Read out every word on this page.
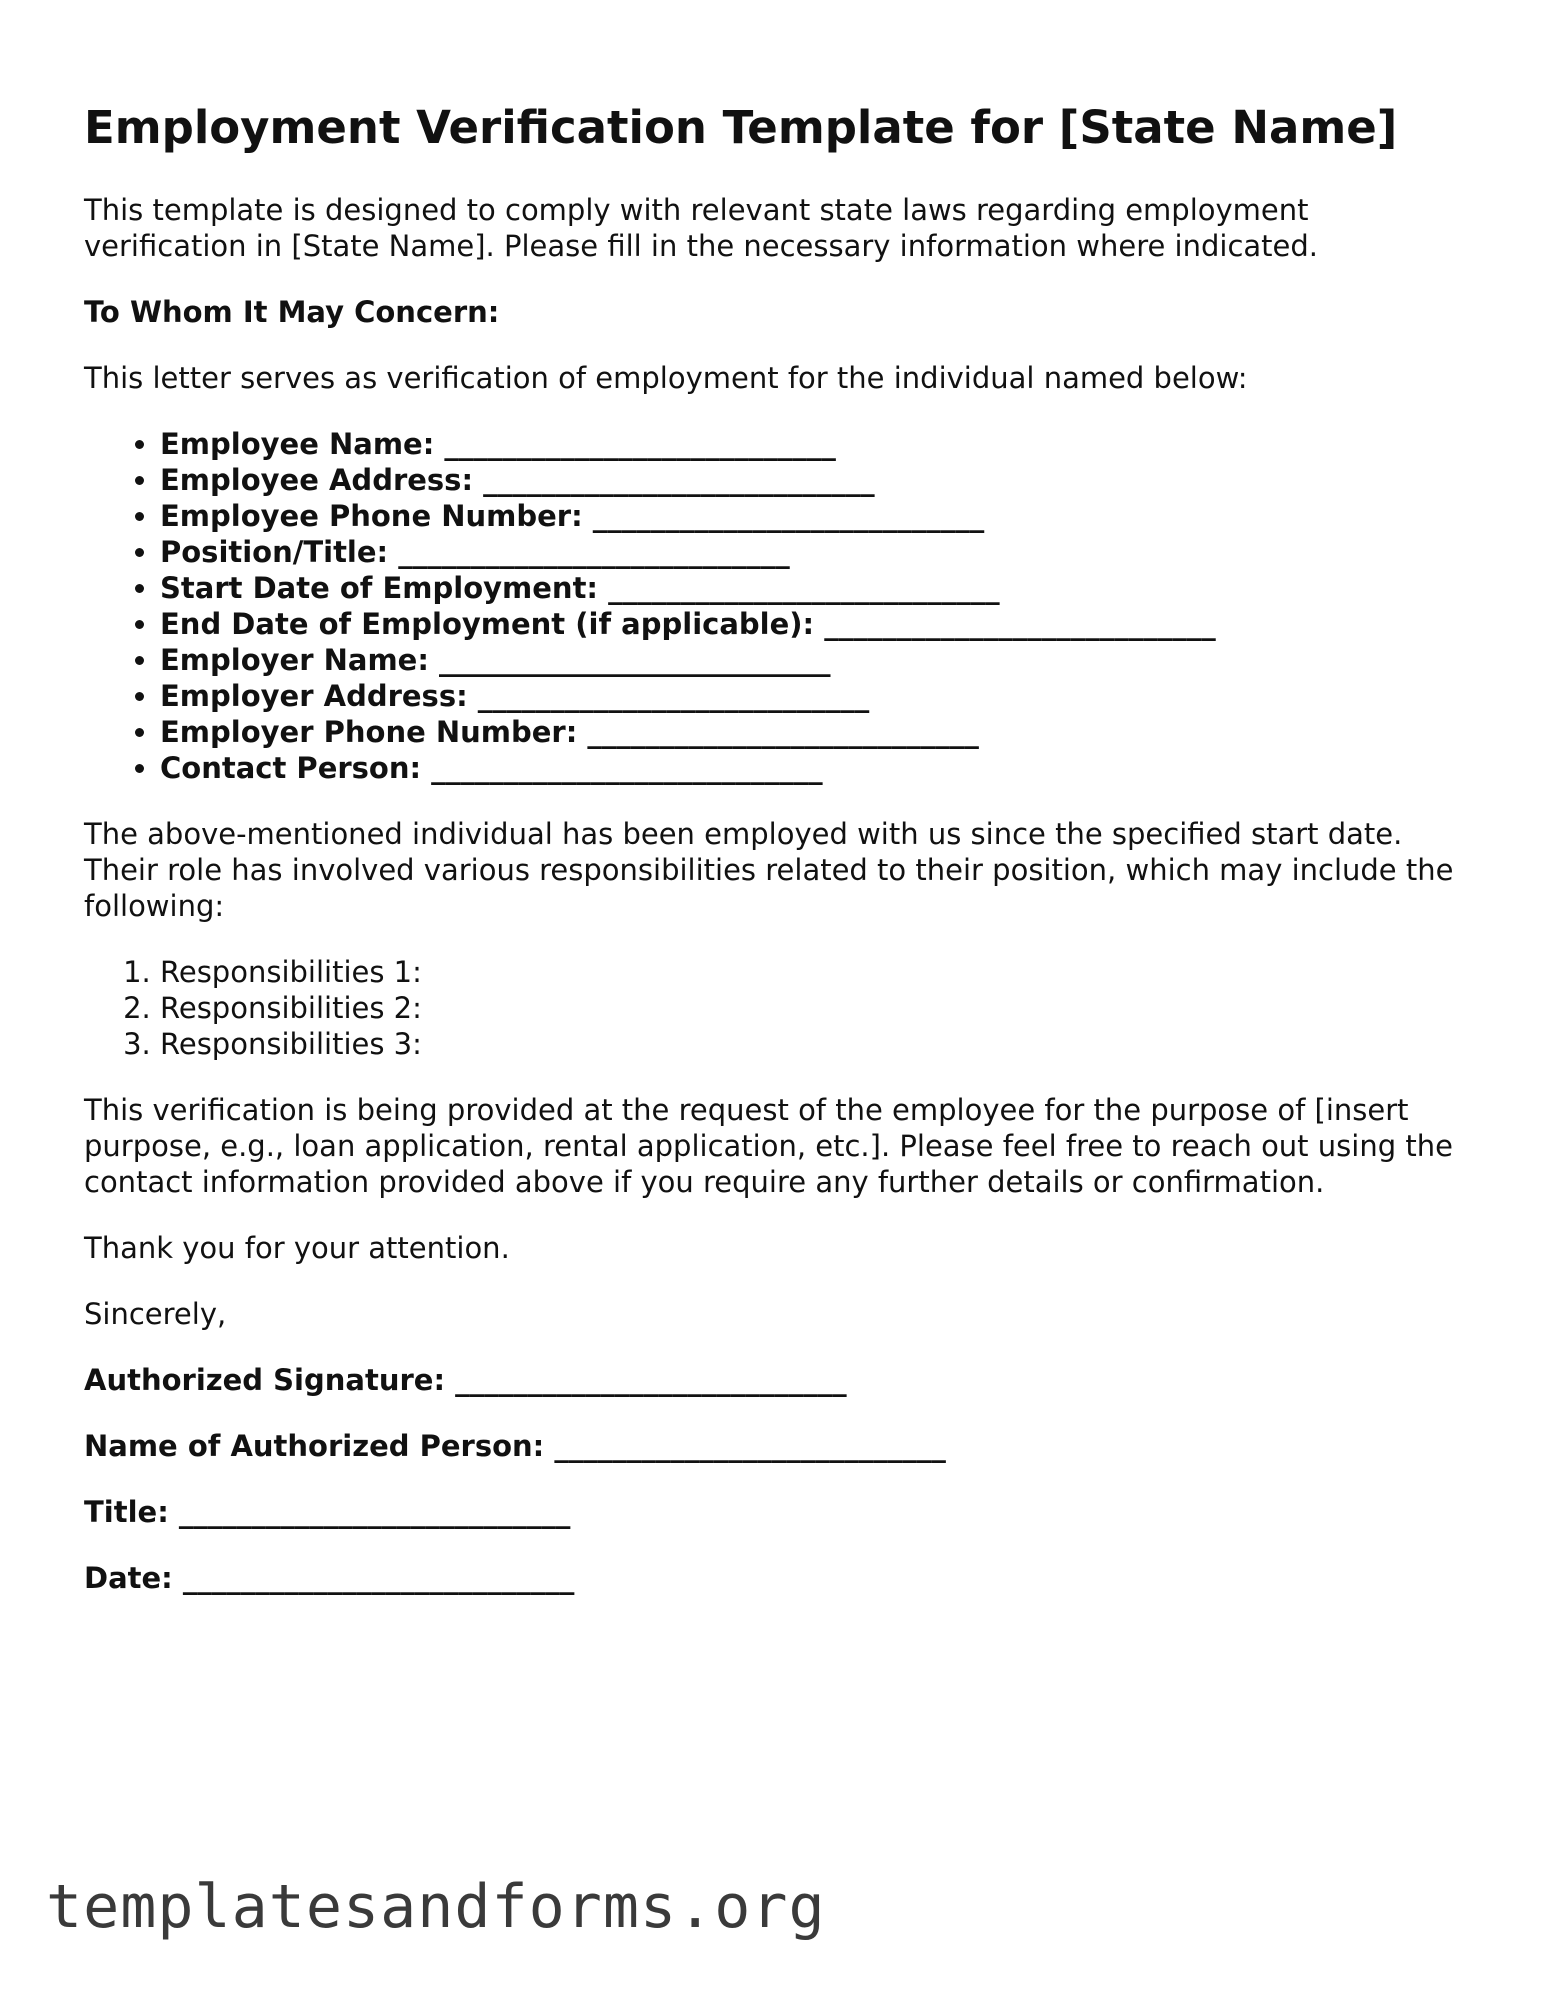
Employment Verification Template for [State Name]

This template is designed to comply with relevant state laws regarding employment verification in [State Name]. Please fill in the necessary information where indicated.

To Whom It May Concern:

This letter serves as verification of employment for the individual named below:

• Employee Name: ___________________________
• Employee Address: ___________________________
• Employee Phone Number: ___________________________
• Position/Title: ___________________________
• Start Date of Employment: ___________________________
• End Date of Employment (if applicable): ___________________________
• Employer Name: ___________________________
• Employer Address: ___________________________
• Employer Phone Number: ___________________________
• Contact Person: ___________________________

The above-mentioned individual has been employed with us since the specified start date. Their role has involved various responsibilities related to their position, which may include the following:

1. Responsibilities 1:
2. Responsibilities 2:
3. Responsibilities 3:

This verification is being provided at the request of the employee for the purpose of [insert purpose, e.g., loan application, rental application, etc.]. Please feel free to reach out using the contact information provided above if you require any further details or confirmation.

Thank you for your attention.

Sincerely,

Authorized Signature: ___________________________
Name of Authorized Person: ___________________________
Title: ___________________________
Date: ___________________________
templatesandforms.org
